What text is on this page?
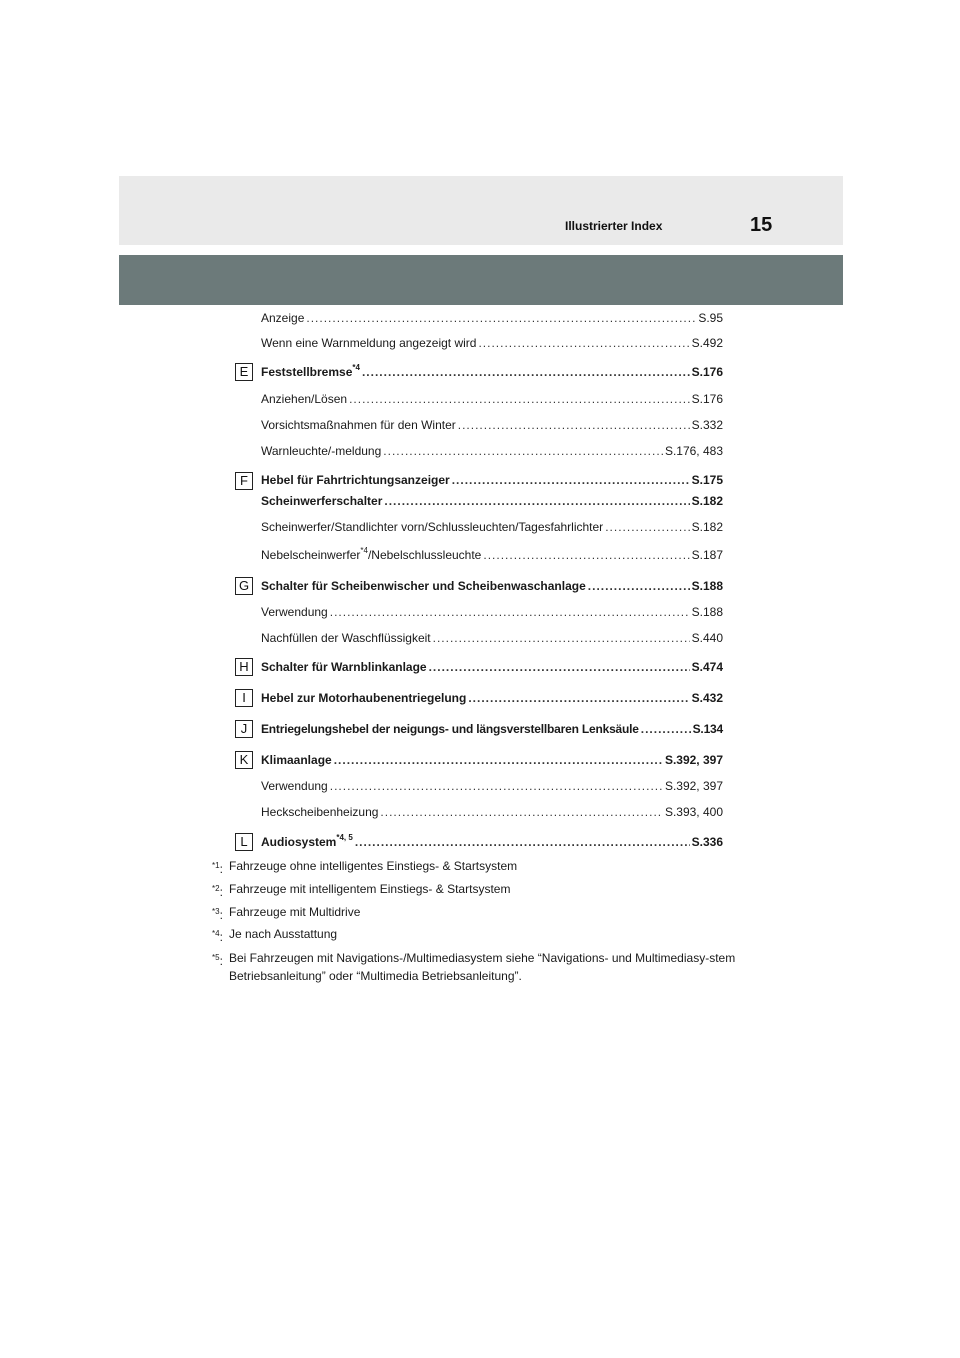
Illustrierter Index	15
Anzeige .....	S.95
Wenn eine Warnmeldung angezeigt wird .....	S.492
E	Feststellbremse$^{*4}$ .....	S.176
Anziehen/Lösen .....	S.176
Vorsichtsmaßnahmen für den Winter .....	S.332
Warnleuchte/-meldung .....	S.176, 483
F	Hebel für Fahrtrichtungsanzeiger .....	S.175
Scheinwerferschalter .....	S.182
Scheinwerfer/Standlichter vorn/Schlussleuchten/Tagesfahrlichter .....	S.182
Nebelscheinwerfer$^{*4}$/Nebelschlussleuchte .....	S.187
G Schalter für Scheibenwischer und Scheibenwaschanlage .....	S.188
Verwendung .....	S.188
Nachfüllen der Waschflüssigkeit .....	S.440
H	Schalter für Warnblinkanlage .....	S.474
I	Hebel zur Motorhaubenentriegelung .....	S.432
J	Entriegelungshebel der neigungs- und längsverstellbaren Lenksäule .....	S.134
K	Klimaanlage .....	S.392, 397
Verwendung .....	S.392, 397
Heckscheibenheizung .....	S.393, 400
L	Audiosystem$^{*4, 5}$ .....	S.336
$^{*1}$: Fahrzeuge ohne intelligentes Einstiegs- & Startsystem
$^{*2}$: Fahrzeuge mit intelligentem Einstiegs- & Startsystem
$^{*3}$: Fahrzeuge mit Multidrive
$^{*4}$: Je nach Ausstattung
$^{*5}$: Bei Fahrzeugen mit Navigations-/Multimediasystem siehe “Navigations- und Multimediasy-stem Betriebsanleitung” oder “Multimedia Betriebsanleitung”.
